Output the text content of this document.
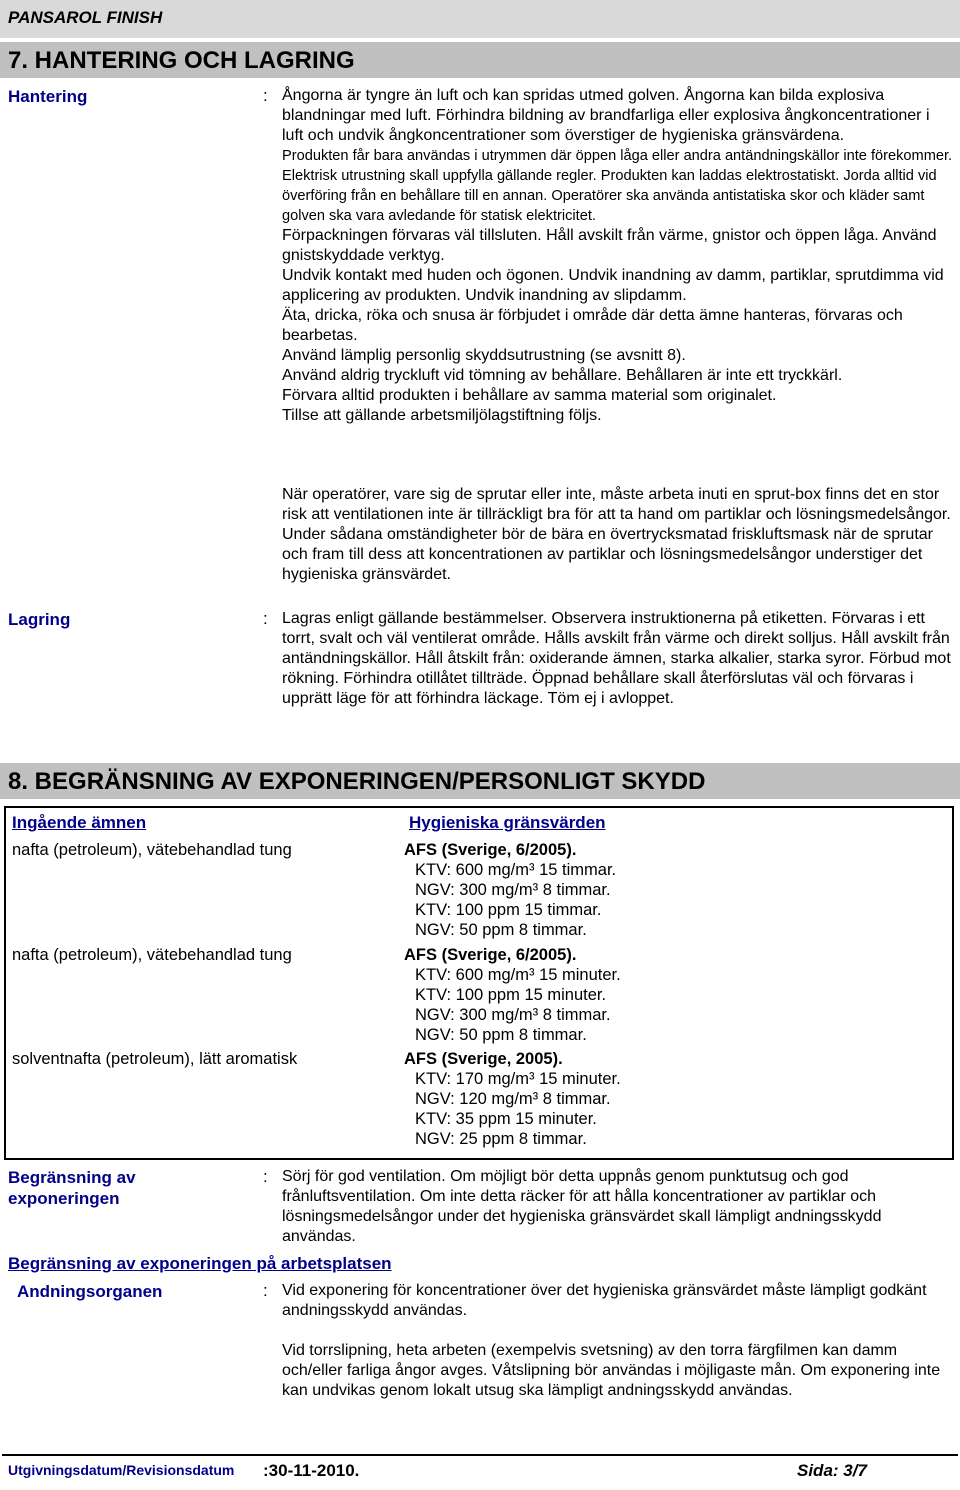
PANSAROL FINISH
7. HANTERING OCH LAGRING
Hantering	: Ångorna är tyngre än luft och kan spridas utmed golven. Ångorna kan bilda explosiva blandningar med luft. Förhindra bildning av brandfarliga eller explosiva ångkoncentrationer i luft och undvik ångkoncentrationer som överstiger de hygieniska gränsvärdena.

Produkten får bara användas i utrymmen där öppen låga eller andra antändningskällor inte förekommer. Elektrisk utrustning skall uppfylla gällande regler. Produkten kan laddas elektrostatiskt. Jorda alltid vid överföring från en behållare till en annan. Operatörer ska använda antistatiska skor och kläder samt golven ska vara avledande för statisk elektricitet.

Förpackningen förvaras väl tillsluten. Håll avskilt från värme, gnistor och öppen låga. Använd gnistskyddade verktyg.

Undvik kontakt med huden och ögonen. Undvik inandning av damm, partiklar, sprutdimma vid applicering av produkten. Undvik inandning av slipdamm.

Äta, dricka, röka och snusa är förbjudet i område där detta ämne hanteras, förvaras och bearbetas.

Använd lämplig personlig skyddsutrustning (se avsnitt 8).

Använd aldrig tryckluft vid tömning av behållare. Behållaren är inte ett tryckkärl.

Förvara alltid produkten i behållare av samma material som originalet.

Tillse att gällande arbetsmiljölagstiftning följs.

När operatörer, vare sig de sprutar eller inte, måste arbeta inuti en sprut-box finns det en stor risk att ventilationen inte är tillräckligt bra för att ta hand om partiklar och lösningsmedelsångor. Under sådana omständigheter bör de bära en övertrycksmatad friskluftsmask när de sprutar och fram till dess att koncentrationen av partiklar och lösningsmedelsångor understiger det hygieniska gränsvärdet.
Lagring	: Lagras enligt gällande bestämmelser. Observera instruktionerna på etiketten. Förvaras i ett torrt, svalt och väl ventilerat område. Hålls avskilt från värme och direkt solljus. Håll avskilt från antändningskällor. Håll åtskilt från: oxiderande ämnen, starka alkalier, starka syror. Förbud mot rökning. Förhindra otillåtet tillträde. Öppnad behållare skall återförslutas väl och förvaras i upprätt läge för att förhindra läckage. Töm ej i avloppet.
8. BEGRÄNSNING AV EXPONERINGEN/PERSONLIGT SKYDD
Ingående ämnen	Hygieniska gränsvärden
nafta (petroleum), vätebehandlad tung	AFS (Sverige, 6/2005).
KTV: 600 mg/m³ 15 timmar.
NGV: 300 mg/m³ 8 timmar.
KTV: 100 ppm 15 timmar.
NGV: 50 ppm 8 timmar.
nafta (petroleum), vätebehandlad tung	AFS (Sverige, 6/2005).
KTV: 600 mg/m³ 15 minuter.
KTV: 100 ppm 15 minuter.
NGV: 300 mg/m³ 8 timmar.
NGV: 50 ppm 8 timmar.
solventnafta (petroleum), lätt aromatisk	AFS (Sverige, 2005).
KTV: 170 mg/m³ 15 minuter.
NGV: 120 mg/m³ 8 timmar.
KTV: 35 ppm 15 minuter.
NGV: 25 ppm 8 timmar.
Begränsning av exponeringen
: Sörj för god ventilation. Om möjligt bör detta uppnås genom punktutsug och god frånluftsventilation. Om inte detta räcker för att hålla koncentrationer av partiklar och lösningsmedelsångor under det hygieniska gränsvärdet skall lämpligt andningsskydd användas.
Begränsning av exponeringen på arbetsplatsen
Andningsorganen	: Vid exponering för koncentrationer över det hygieniska gränsvärdet måste lämpligt godkänt andningsskydd användas.
Vid torrslipning, heta arbeten (exempelvis svetsning) av den torra färgfilmen kan damm och/eller farliga ångor avges. Våtslipning bör användas i möjligaste mån. Om exponering inte kan undvikas genom lokalt utsug ska lämpligt andningsskydd användas.
Utgivningsdatum/Revisionsdatum :30-11-2010.	Sida: 3/7
